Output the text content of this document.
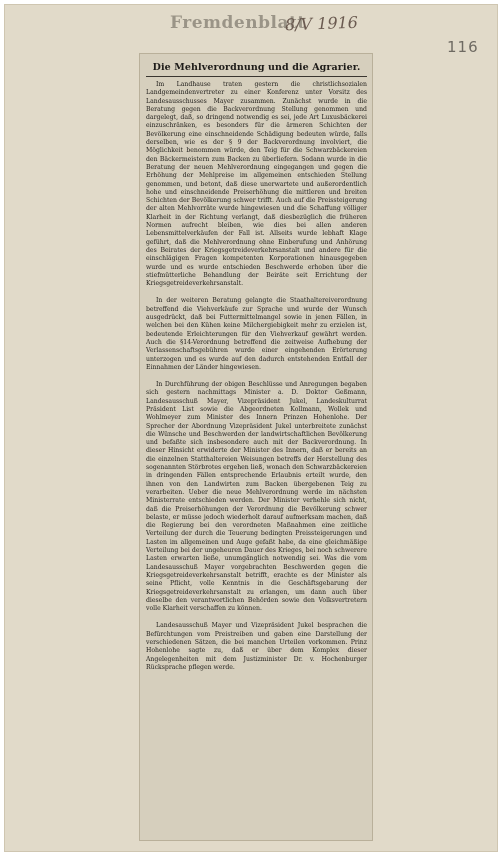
Fremdenblatt
8/V 1916
116
Die Mehlverordnung und die Agrarier.

Im Landhause traten gestern die christlichsozialen Landgemeindenvertreter zu einer Konferenz unter Vorsitz des Landesausschusses Mayer zusammen. Zunächst wurde in die Beratung gegen die Backverordnung Stellung genommen und dargelegt, daß, so dringend notwendig es sei, jede Art Luxusbäckerei einzuschränken, es besonders für die ärmeren Schichten der Bevölkerung eine einschneidende Schädigung bedeuten würde, falls derselben, wie es der § 9 der Backverordnung involviert, die Möglichkeit benommen würde, den Teig für die Schwarzbäckereien den Bäckermeistern zum Backen zu überliefern. Sodann wurde in die Beratung der neuen Mehlverordnung eingegangen und gegen die Erhöhung der Mehlpreise im allgemeinen entschieden Stellung genommen, und betont, daß diese unerwartete und außerordentlich hohe und einschneidende Preiserhöhung die mittleren und breiten Schichten der Bevölkerung schwer trifft. Auch auf die Preissteigerung der alten Mehlvorräte wurde hingewiesen und die Schaffung völliger Klarheit in der Richtung verlangt, daß diesbezüglich die früheren Normen aufrecht bleiben, wie dies bei allen anderen Lebensmittelverkäufen der Fall ist. Allseits wurde lebhaft Klage geführt, daß die Mehlverordnung ohne Einberufung und Anhörung des Beirates der Kriegsgetreideverkehrsanstalt und andere für die einschlägigen Fragen kompetenten Korporationen hinausgegeben wurde und es wurde entschieden Beschwerde erhoben über die stiefmütterliche Behandlung der Beiräte seit Errichtung der Kriegsgetreideverkehrsanstalt.

In der weiteren Beratung gelangte die Staathaltereiverordnung betreffend die Viehverkäufe zur Sprache und wurde der Wunsch ausgedrückt, daß bei Futtermittelmangel sowie in jenen Fällen, in welchen bei den Kühen keine Milchergiebigkeit mehr zu erzielen ist, bedeutende Erleichterungen für den Viehverkauf gewährt werden. Auch die §14-Verordnung betreffend die zeitweise Aufhebung der Verlassenschaftsgebühren wurde einer eingehenden Erörterung unterzogen und es wurde auf den dadurch entstehenden Entfall der Einnahmen der Länder hingewiesen.

In Durchführung der obigen Beschlüsse und Anregungen begaben sich gestern nachmittags Minister a. D. Doktor Geßmann, Landesausschuß Mayer, Vizepräsident Jukel, Landeskulturrat Präsident List sowie die Abgeordneten Kollmann, Wollek und Wohlmeyer zum Minister des Innern Prinzen Hohenlohe. Der Sprecher der Abordnung Vizepräsident Jukel unterbreitete zunächst die Wünsche und Beschwerden der landwirtschaftlichen Bevölkerung und befaßte sich insbesondere auch mit der Backverordnung. In dieser Hinsicht erwiderte der Minister des Innern, daß er bereits an die einzelnen Statthaltereien Weisungen betreffs der Herstellung des sogenannten Störbrotes ergehen ließ, wonach den Schwarzbäckereien in dringenden Fällen entsprechende Erlaubnis erteilt wurde, den ihnen von den Landwirten zum Backen übergebenen Teig zu verarbeiten. Ueber die neue Mehlverordnung werde im nächsten Ministerrate entschieden werden. Der Minister verhehle sich nicht, daß die Preiserhöhungen der Verordnung die Bevölkerung schwer belaste, er müsse jedoch wiederholt darauf aufmerksam machen, daß die Regierung bei den verordneten Maßnahmen eine zeitliche Verteilung der durch die Teuerung bedingten Preissteigerungen und Lasten im allgemeinen und Auge gefaßt habe, da eine gleichmäßige Verteilung bei der ungeheuren Dauer des Krieges, bei noch schwerere Lasten erwarten ließe, unumgänglich notwendig sei. Was die vom Landesausschuß Mayer vorgebrachten Beschwerden gegen die Kriegsgetreideverkehrsanstalt betrifft, erachte es der Minister als seine Pflicht, volle Kenntnis in die Geschäftsgebarung der Kriegsgetreideverkehrsanstalt zu erlangen, um dann auch über dieselbe den verantwortlichen Behörden sowie den Volksvertretern volle Klarheit verschaffen zu können.

Landesausschuß Mayer und Vizepräsident Jukel besprachen die Befürchtungen vom Preistreiben und gaben eine Darstellung der verschiedenen Sätzen, die bei manchen Urteilen vorkommen. Prinz Hohenlohe sagte zu, daß er über dem Komplex dieser Angelegenheiten mit dem Justizminister Dr. v. Hochenburger Rücksprache pflegen werde.
